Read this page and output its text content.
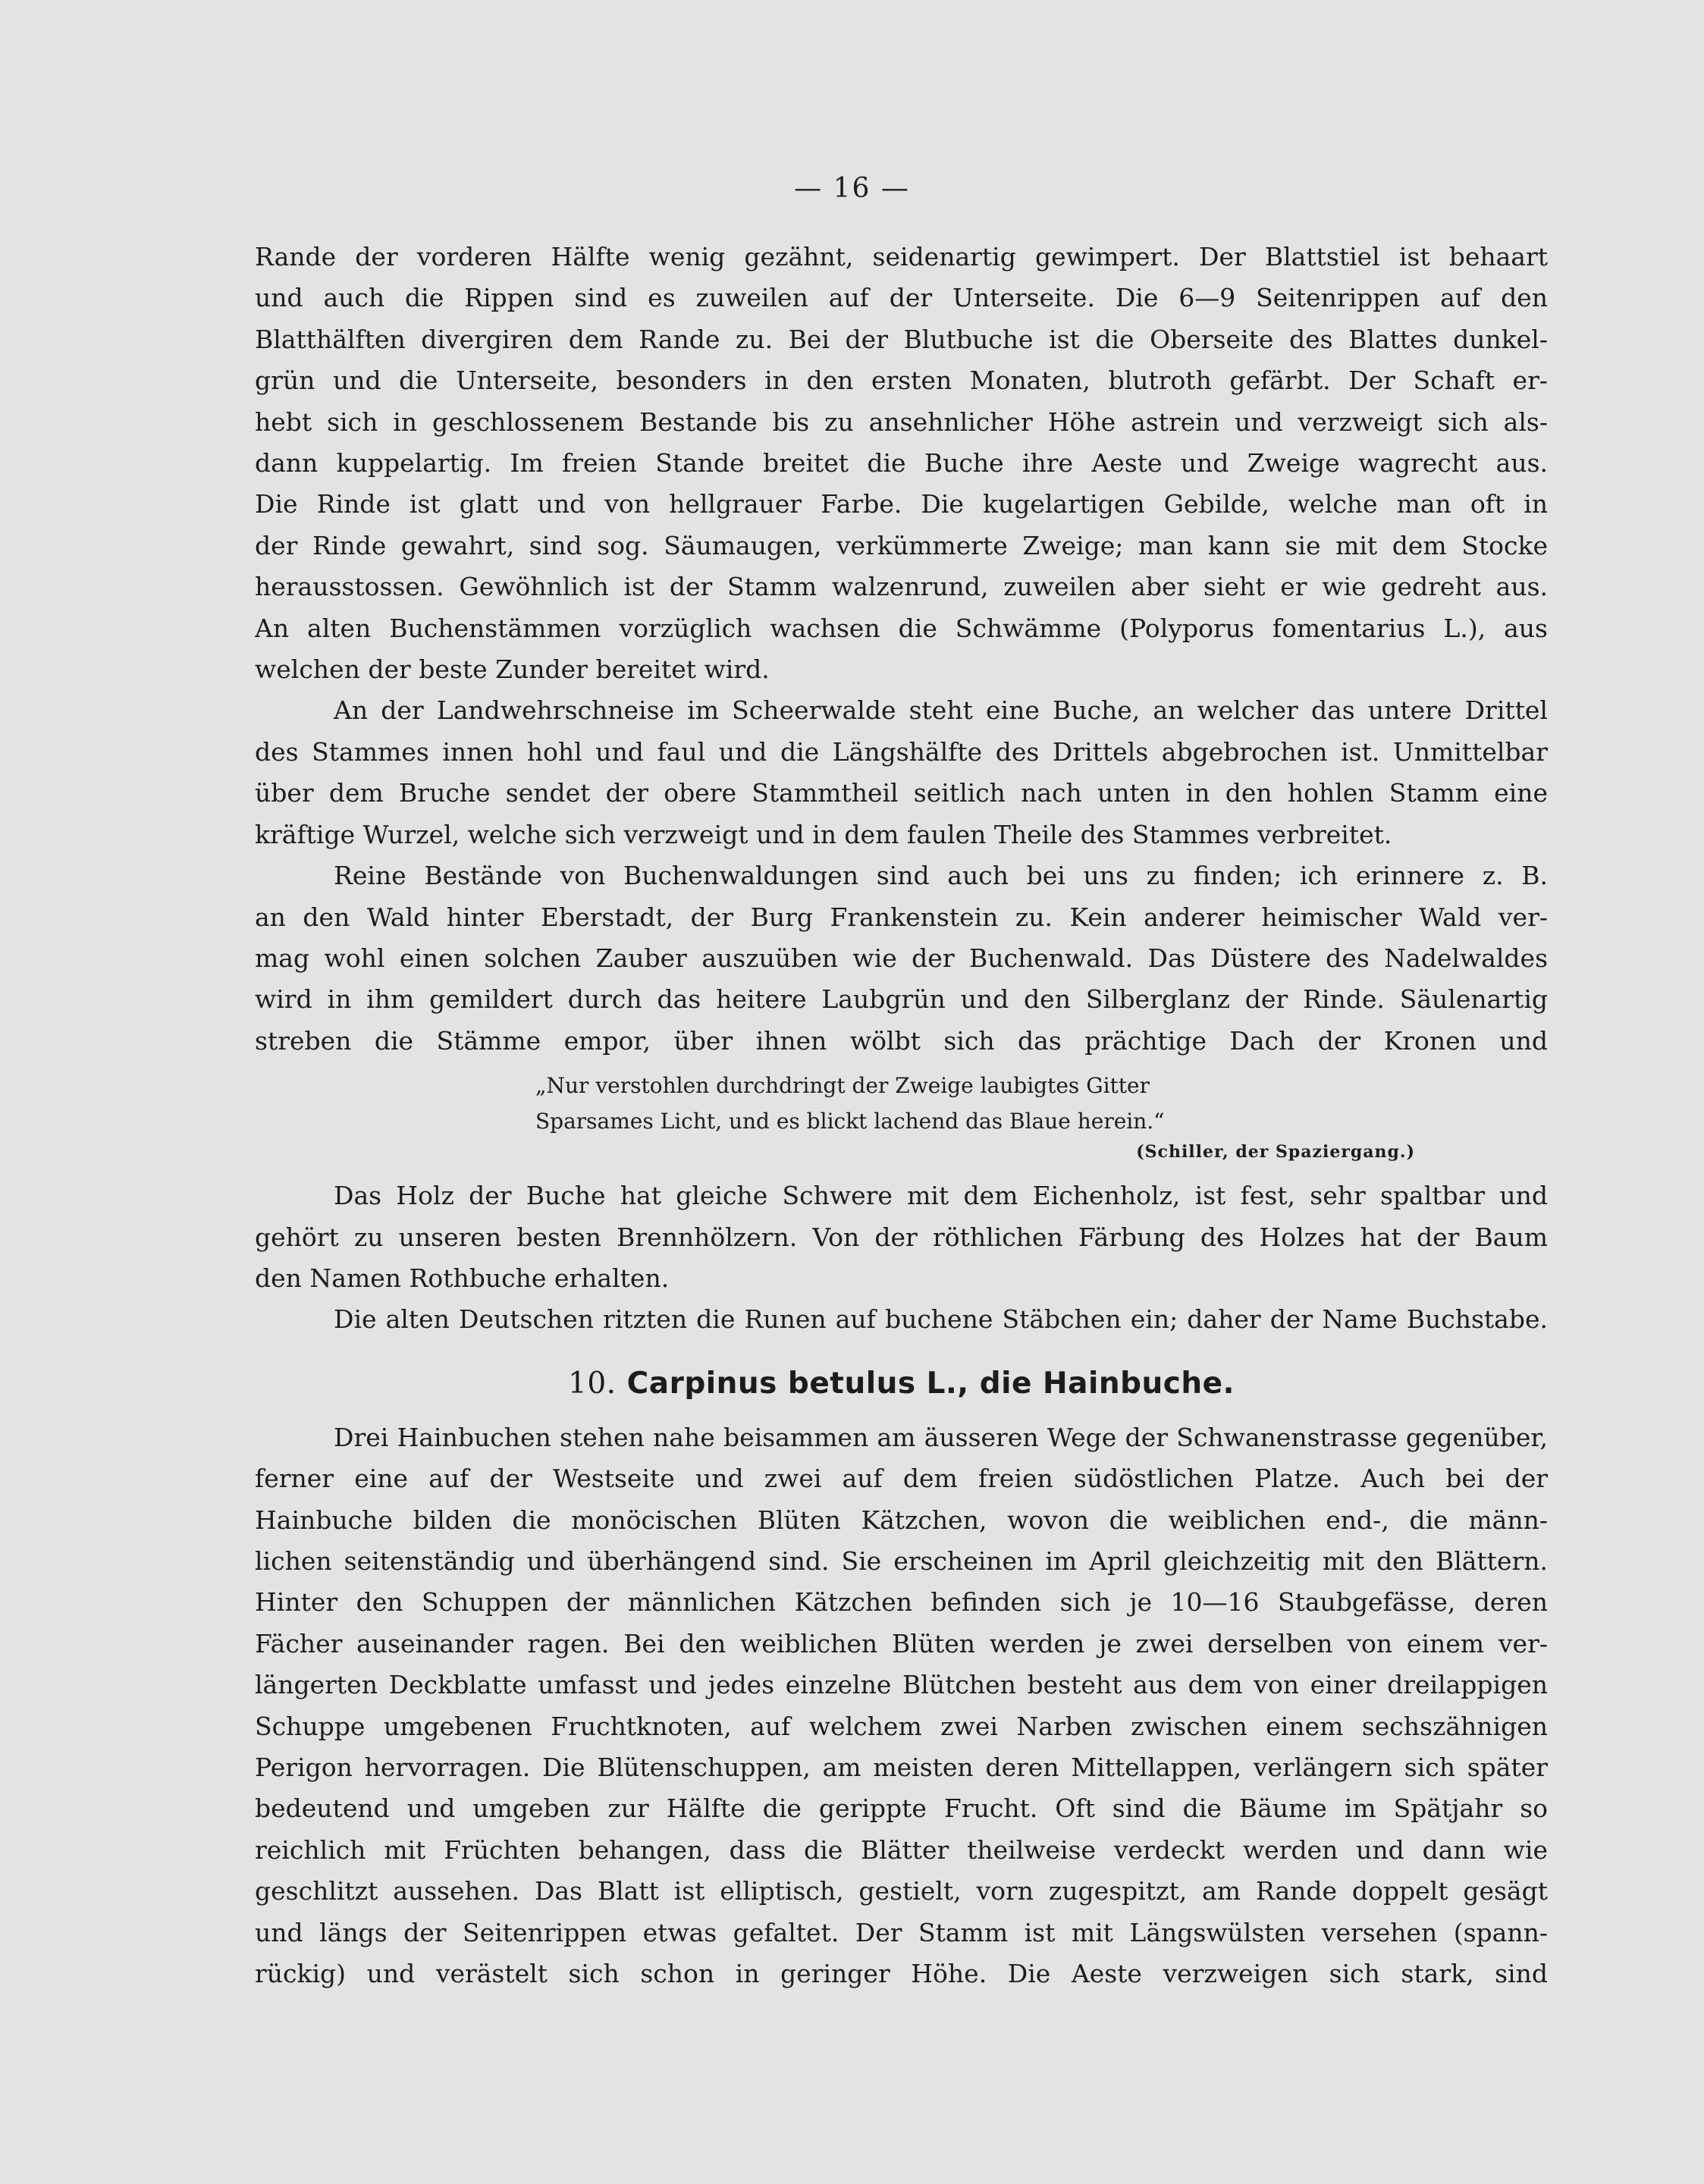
— 16 —

Rande der vorderen Hälfte wenig gezähnt, seidenartig gewimpert. Der Blattstiel ist behaart
und auch die Rippen sind es zuweilen auf der Unterseite. Die 6—9 Seitenrippen auf den
Blatthälften divergiren dem Rande zu. Bei der Blutbuche ist die Oberseite des Blattes dunkel-
grün und die Unterseite, besonders in den ersten Monaten, blutroth gefärbt. Der Schaft er-
hebt sich in geschlossenem Bestande bis zu ansehnlicher Höhe astrein und verzweigt sich als-
dann kuppelartig. Im freien Stande breitet die Buche ihre Aeste und Zweige wagrecht aus.
Die Rinde ist glatt und von hellgrauer Farbe. Die kugelartigen Gebilde, welche man oft in
der Rinde gewahrt, sind sog. Säumaugen, verkümmerte Zweige; man kann sie mit dem Stocke
herausstossen. Gewöhnlich ist der Stamm walzenrund, zuweilen aber sieht er wie gedreht aus.
An alten Buchenstämmen vorzüglich wachsen die Schwämme (Polyporus fomentarius L.), aus
welchen der beste Zunder bereitet wird.

An der Landwehrschneise im Scheerwalde steht eine Buche, an welcher das untere Drittel
des Stammes innen hohl und faul und die Längshälfte des Drittels abgebrochen ist. Unmittelbar
über dem Bruche sendet der obere Stammtheil seitlich nach unten in den hohlen Stamm eine
kräftige Wurzel, welche sich verzweigt und in dem faulen Theile des Stammes verbreitet.

Reine Bestände von Buchenwaldungen sind auch bei uns zu finden; ich erinnere z. B.
an den Wald hinter Eberstadt, der Burg Frankenstein zu. Kein anderer heimischer Wald ver-
mag wohl einen solchen Zauber auszuüben wie der Buchenwald. Das Düstere des Nadelwaldes
wird in ihm gemildert durch das heitere Laubgrün und den Silberglanz der Rinde. Säulenartig
streben die Stämme empor, über ihnen wölbt sich das prächtige Dach der Kronen und

„Nur verstohlen durchdringt der Zweige laubigtes Gitter
Sparsames Licht, und es blickt lachend das Blaue herein.“
(Schiller, der Spaziergang.)

Das Holz der Buche hat gleiche Schwere mit dem Eichenholz, ist fest, sehr spaltbar und
gehört zu unseren besten Brennhölzern. Von der röthlichen Färbung des Holzes hat der Baum
den Namen Rothbuche erhalten.

Die alten Deutschen ritzten die Runen auf buchene Stäbchen ein; daher der Name Buchstabe.

10. Carpinus betulus L., die Hainbuche.

Drei Hainbuchen stehen nahe beisammen am äusseren Wege der Schwanenstrasse gegenüber,
ferner eine auf der Westseite und zwei auf dem freien südöstlichen Platze. Auch bei der
Hainbuche bilden die monöcischen Blüten Kätzchen, wovon die weiblichen end-, die männ-
lichen seitenständig und überhängend sind. Sie erscheinen im April gleichzeitig mit den Blättern.
Hinter den Schuppen der männlichen Kätzchen befinden sich je 10—16 Staubgefässe, deren
Fächer auseinander ragen. Bei den weiblichen Blüten werden je zwei derselben von einem ver-
längerten Deckblatte umfasst und jedes einzelne Blütchen besteht aus dem von einer dreilappigen
Schuppe umgebenen Fruchtknoten, auf welchem zwei Narben zwischen einem sechszähnigen
Perigon hervorragen. Die Blütenschuppen, am meisten deren Mittellappen, verlängern sich später
bedeutend und umgeben zur Hälfte die gerippte Frucht. Oft sind die Bäume im Spätjahr so
reichlich mit Früchten behangen, dass die Blätter theilweise verdeckt werden und dann wie
geschlitzt aussehen. Das Blatt ist elliptisch, gestielt, vorn zugespitzt, am Rande doppelt gesägt
und längs der Seitenrippen etwas gefaltet. Der Stamm ist mit Längswülsten versehen (spann-
rückig) und verästelt sich schon in geringer Höhe. Die Aeste verzweigen sich stark, sind
